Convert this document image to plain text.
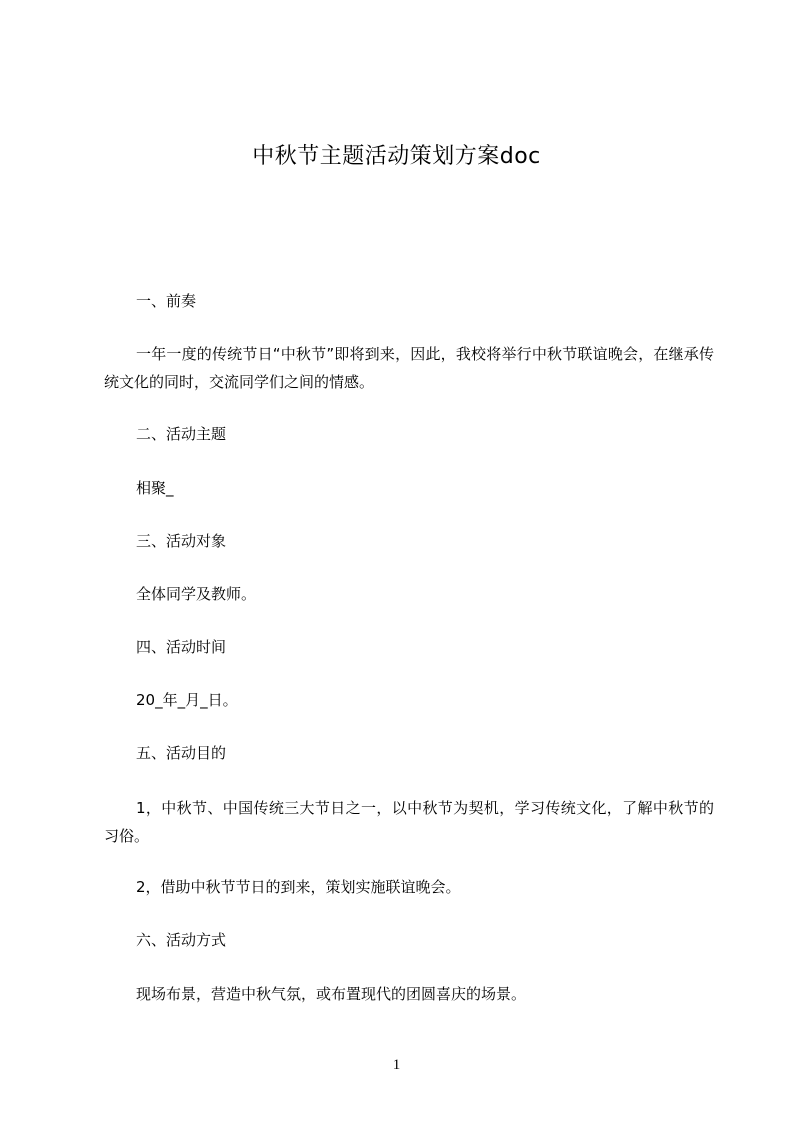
中秋节主题活动策划方案doc
一、前奏
一年一度的传统节日“中秋节”即将到来，因此，我校将举行中秋节联谊晚会，在继承传统文化的同时，交流同学们之间的情感。
二、活动主题
相聚_
三、活动对象
全体同学及教师。
四、活动时间
20_年_月_日。
五、活动目的
1，中秋节、中国传统三大节日之一，以中秋节为契机，学习传统文化，了解中秋节的习俗。
2，借助中秋节节日的到来，策划实施联谊晚会。
六、活动方式
现场布景，营造中秋气氛，或布置现代的团圆喜庆的场景。
1
